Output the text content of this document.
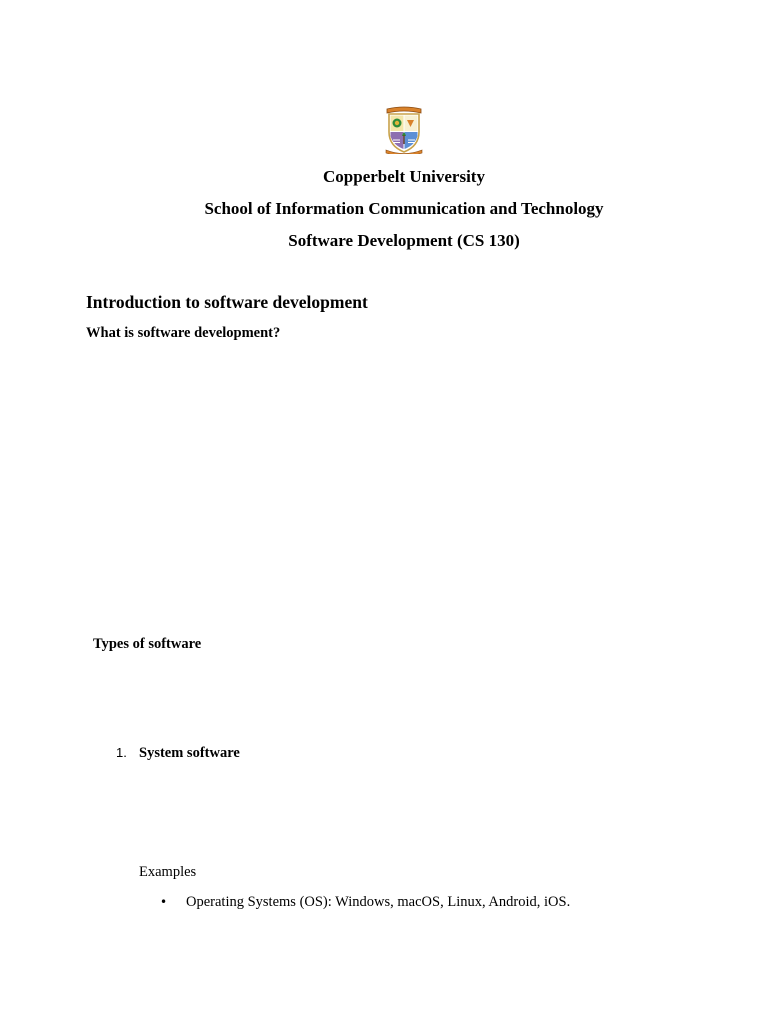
Copperbelt University
School of Information Communication and Technology
Software Development (CS 130)
Introduction to software development
What is software development?
Types of software
1. System software
Examples
• Operating Systems (OS): Windows, macOS, Linux, Android, iOS.
